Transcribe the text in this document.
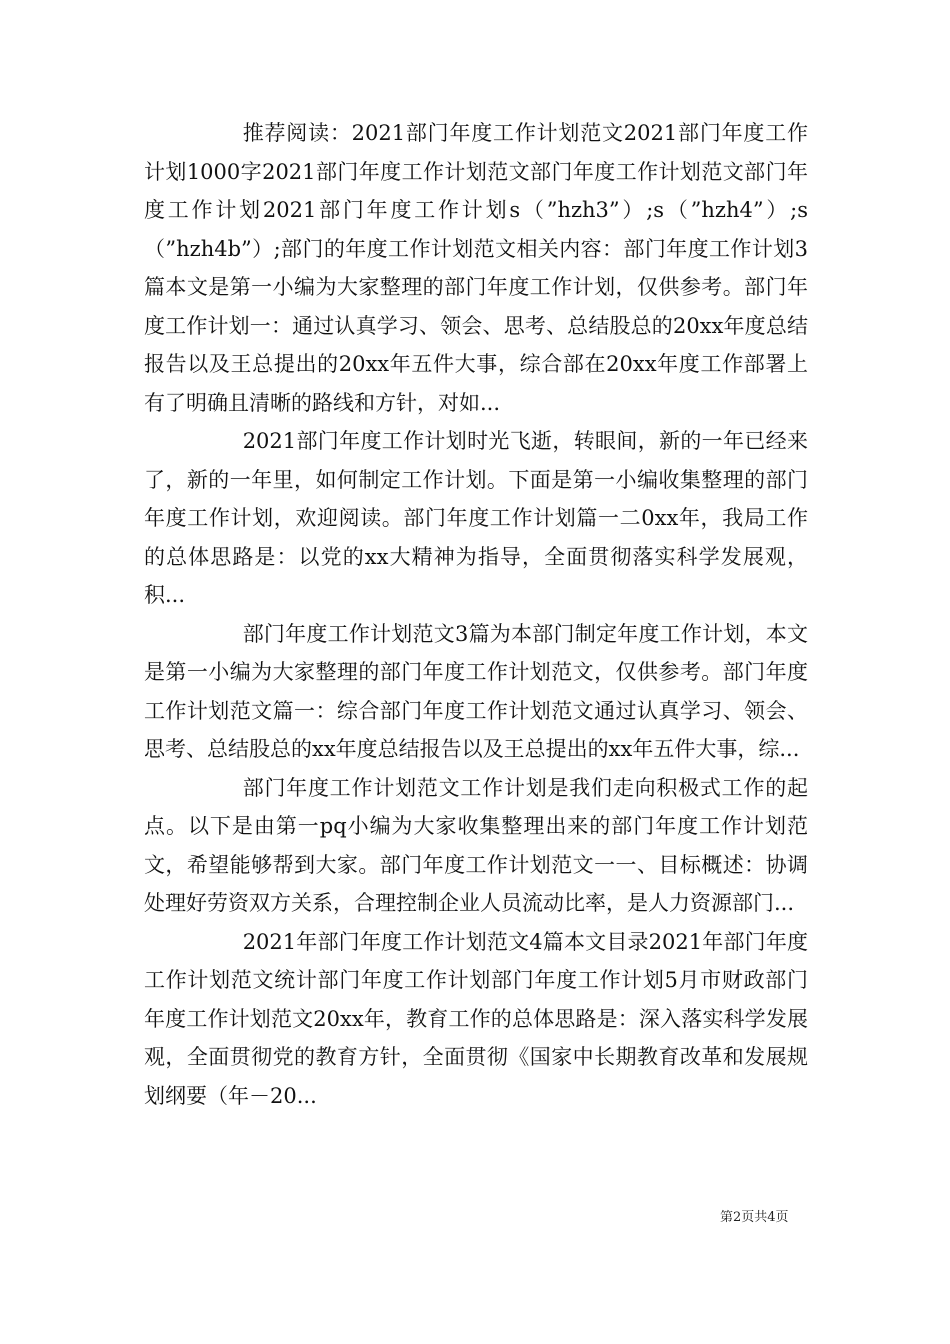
推荐阅读：2021部门年度工作计划范文2021部门年度工作计划1000字2021部门年度工作计划范文部门年度工作计划范文部门年度工作计划2021部门年度工作计划s（”hzh3”）;s（”hzh4”）;s（”hzh4b”）;部门的年度工作计划范文相关内容：部门年度工作计划3篇本文是第一小编为大家整理的部门年度工作计划，仅供参考。部门年度工作计划一：通过认真学习、领会、思考、总结股总的20xx年度总结报告以及王总提出的20xx年五件大事，综合部在20xx年度工作部署上有了明确且清晰的路线和方针，对如...

2021部门年度工作计划时光飞逝，转眼间，新的一年已经来了，新的一年里，如何制定工作计划。下面是第一小编收集整理的部门年度工作计划，欢迎阅读。部门年度工作计划篇一二0xx年，我局工作的总体思路是：以党的xx大精神为指导，全面贯彻落实科学发展观，积...

部门年度工作计划范文3篇为本部门制定年度工作计划，本文是第一小编为大家整理的部门年度工作计划范文，仅供参考。部门年度工作计划范文篇一：综合部门年度工作计划范文通过认真学习、领会、思考、总结股总的xx年度总结报告以及王总提出的xx年五件大事，综...

部门年度工作计划范文工作计划是我们走向积极式工作的起点。以下是由第一pq小编为大家收集整理出来的部门年度工作计划范文，希望能够帮到大家。部门年度工作计划范文一一、目标概述：协调处理好劳资双方关系，合理控制企业人员流动比率，是人力资源部门...

2021年部门年度工作计划范文4篇本文目录2021年部门年度工作计划范文统计部门年度工作计划部门年度工作计划5月市财政部门年度工作计划范文20xx年，教育工作的总体思路是：深入落实科学发展观，全面贯彻党的教育方针，全面贯彻《国家中长期教育改革和发展规划纲要（年－20...

第2页共4页
